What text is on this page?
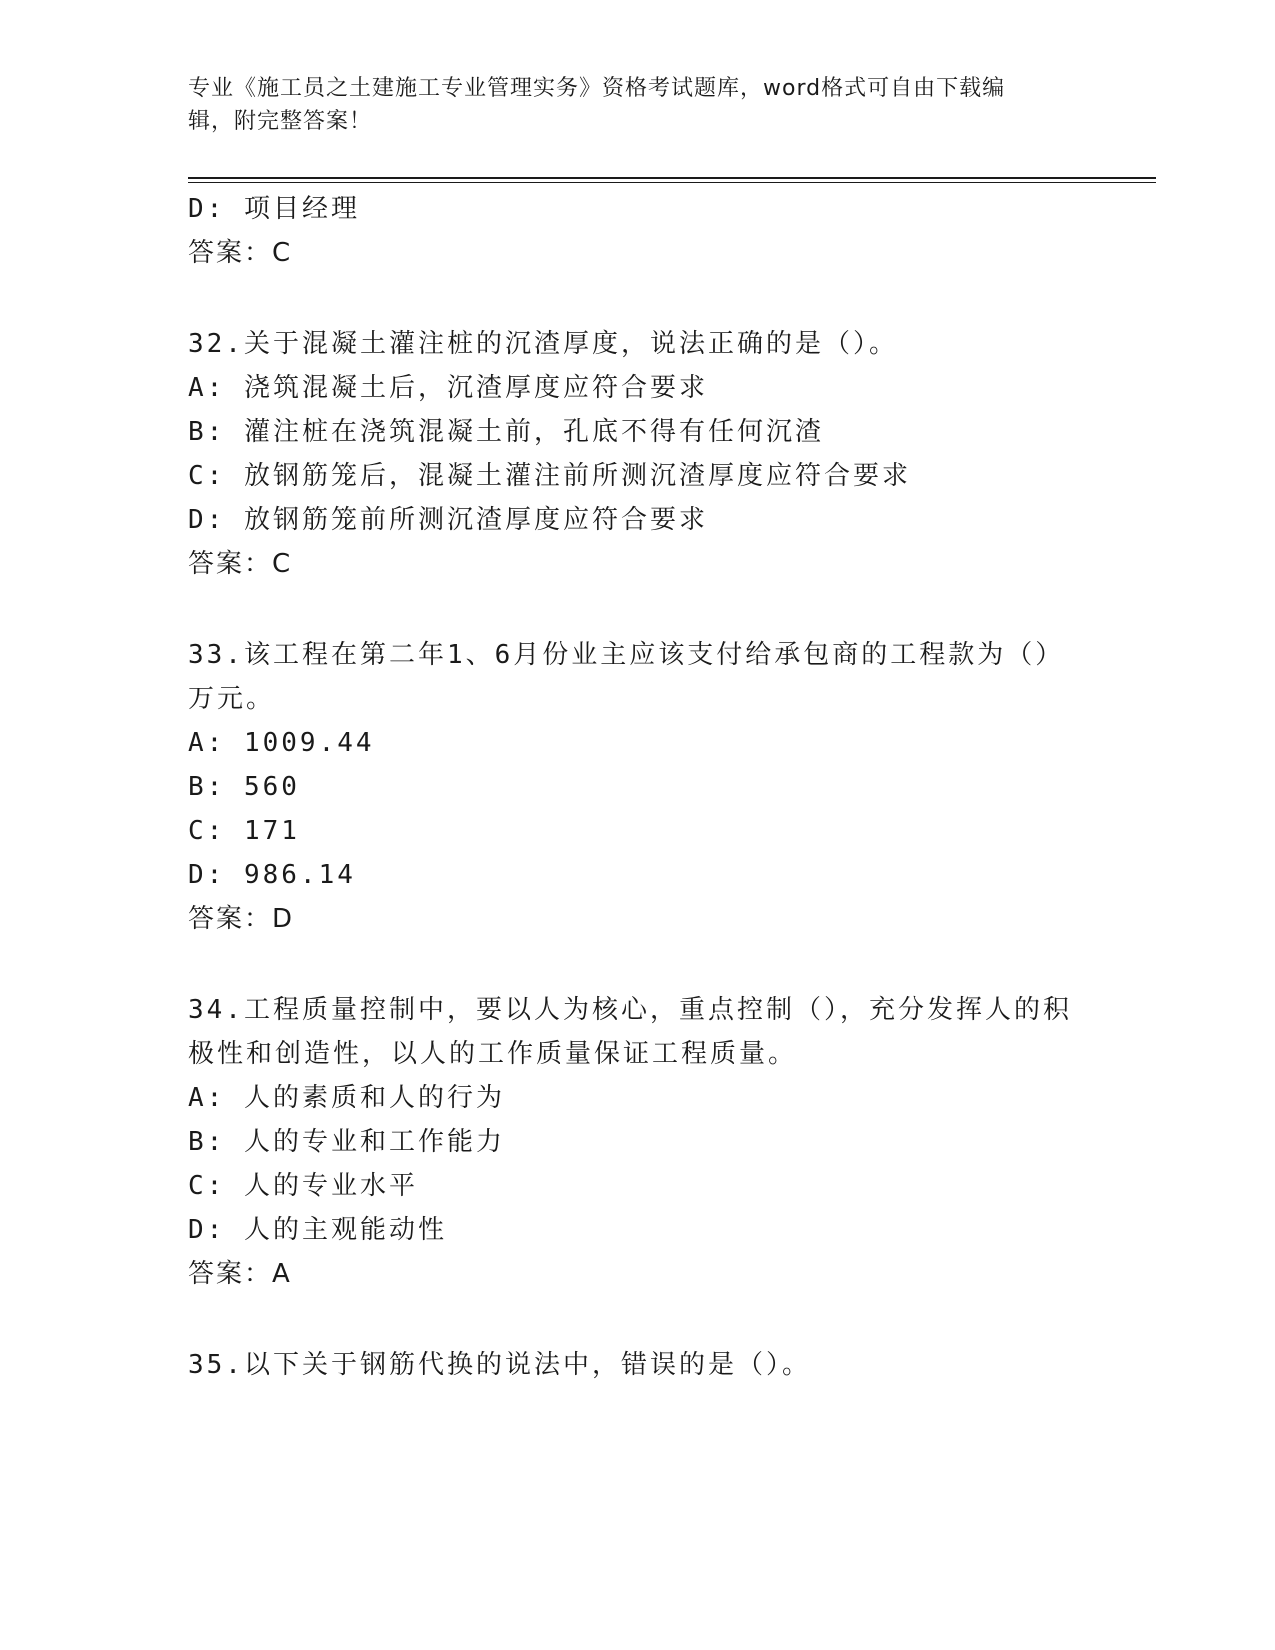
专业《施工员之土建施工专业管理实务》资格考试题库，word格式可自由下载编
辑，附完整答案！
D: 项目经理
答案：C
32.关于混凝土灌注桩的沉渣厚度，说法正确的是（）。
A: 浇筑混凝土后，沉渣厚度应符合要求
B: 灌注桩在浇筑混凝土前，孔底不得有任何沉渣
C: 放钢筋笼后，混凝土灌注前所测沉渣厚度应符合要求
D: 放钢筋笼前所测沉渣厚度应符合要求
答案：C
33.该工程在第二年1、6月份业主应该支付给承包商的工程款为（）
万元。
A: 1009.44
B: 560
C: 171
D: 986.14
答案：D
34.工程质量控制中，要以人为核心，重点控制（），充分发挥人的积
极性和创造性，以人的工作质量保证工程质量。
A: 人的素质和人的行为
B: 人的专业和工作能力
C: 人的专业水平
D: 人的主观能动性
答案：A
35.以下关于钢筋代换的说法中，错误的是（）。
